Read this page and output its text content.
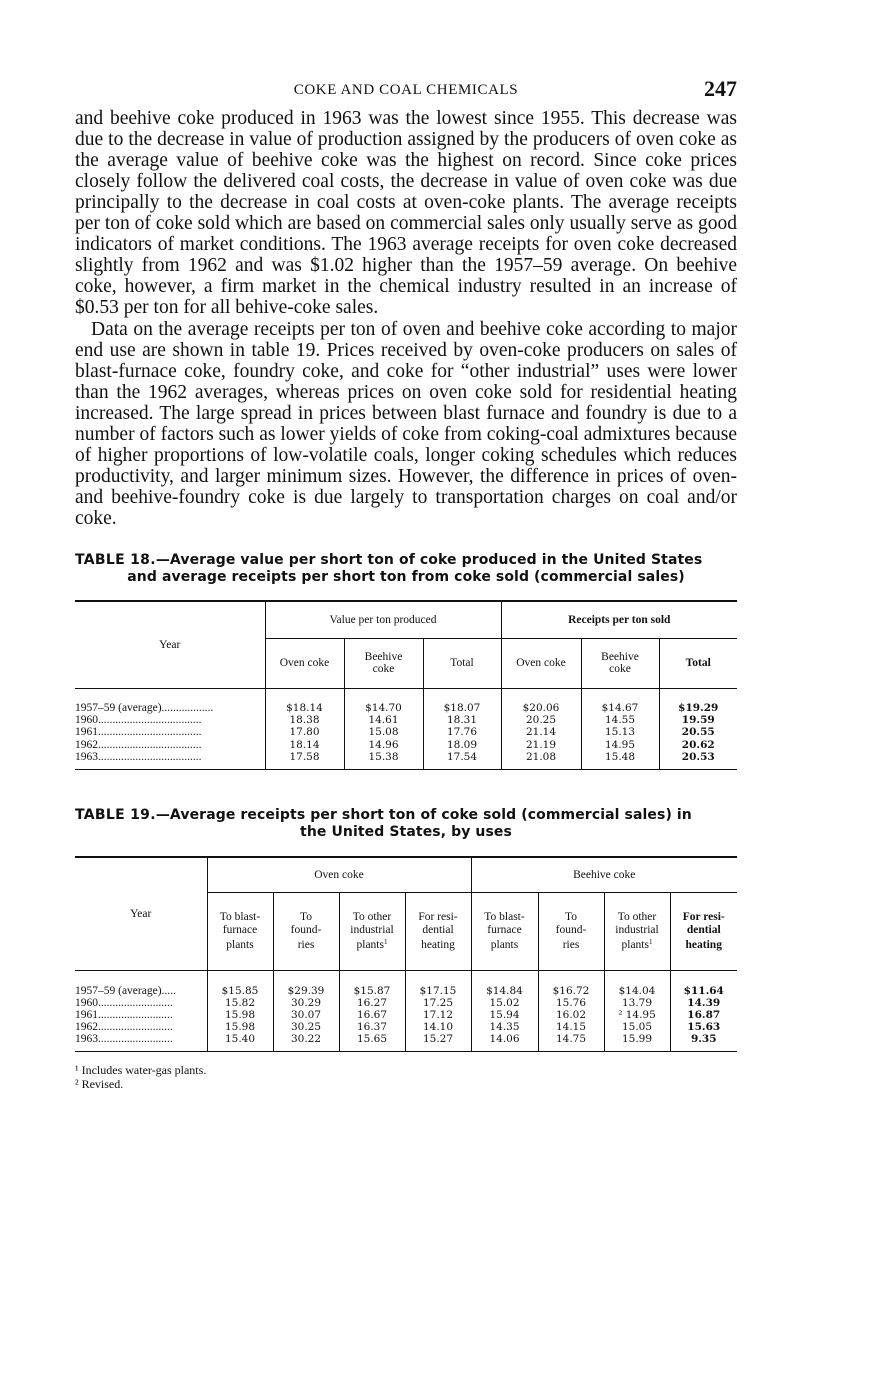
COKE AND COAL CHEMICALS	247

and beehive coke produced in 1963 was the lowest since 1955. This decrease was due to the decrease in value of production assigned by the producers of oven coke as the average value of beehive coke was the highest on record. Since coke prices closely follow the delivered coal costs, the decrease in value of oven coke was due principally to the decrease in coal costs at oven-coke plants. The average receipts per ton of coke sold which are based on commercial sales only usually serve as good indicators of market conditions. The 1963 average receipts for oven coke decreased slightly from 1962 and was $1.02 higher than the 1957–59 average. On beehive coke, however, a firm market in the chemical industry resulted in an increase of $0.53 per ton for all behive-coke sales.

Data on the average receipts per ton of oven and beehive coke according to major end use are shown in table 19. Prices received by oven-coke producers on sales of blast-furnace coke, foundry coke, and coke for “other industrial” uses were lower than the 1962 averages, whereas prices on oven coke sold for residential heating increased. The large spread in prices between blast furnace and foundry is due to a number of factors such as lower yields of coke from coking-coal admixtures because of higher proportions of low-volatile coals, longer coking schedules which reduces productivity, and larger minimum sizes. However, the difference in prices of oven- and beehive-foundry coke is due largely to transportation charges on coal and/or coke.

TABLE 18.—Average value per short ton of coke produced in the United States

and average receipts per short ton from coke sold (commercial sales)

Year	Value per ton produced			Receipts per ton sold		
	Oven coke	Beehive coke	Total	Oven coke	Beehive coke	Total

1957–59 (average)..................	$18.14	$14.70	$18.07	$20.06	$14.67	$19.29
1960....................................	18.38	14.61	18.31	20.25	14.55	19.59
1961....................................	17.80	15.08	17.76	21.14	15.13	20.55
1962....................................	18.14	14.96	18.09	21.19	14.95	20.62
1963....................................	17.58	15.38	17.54	21.08	15.48	20.53

TABLE 19.—Average receipts per short ton of coke sold (commercial sales) in

the United States, by uses

Year	Oven coke				Beehive coke			
	To blast-furnace plants	To found-ries	To other industrial plants$^1$	For resi-dential heating	To blast-furnace plants	To found-ries	To other industrial plants$^1$	For resi-dential heating

1957–59 (average).....	$15.85	$29.39	$15.87	$17.15	$14.84	$16.72	$14.04	$11.64
1960..........................	15.82	30.29	16.27	17.25	15.02	15.76	13.79	14.39
1961..........................	15.98	30.07	16.67	17.12	15.94	16.02	² 14.95	16.87
1962..........................	15.98	30.25	16.37	14.10	14.35	14.15	15.05	15.63
1963..........................	15.40	30.22	15.65	15.27	14.06	14.75	15.99	9.35

¹ Includes water-gas plants.
² Revised.
